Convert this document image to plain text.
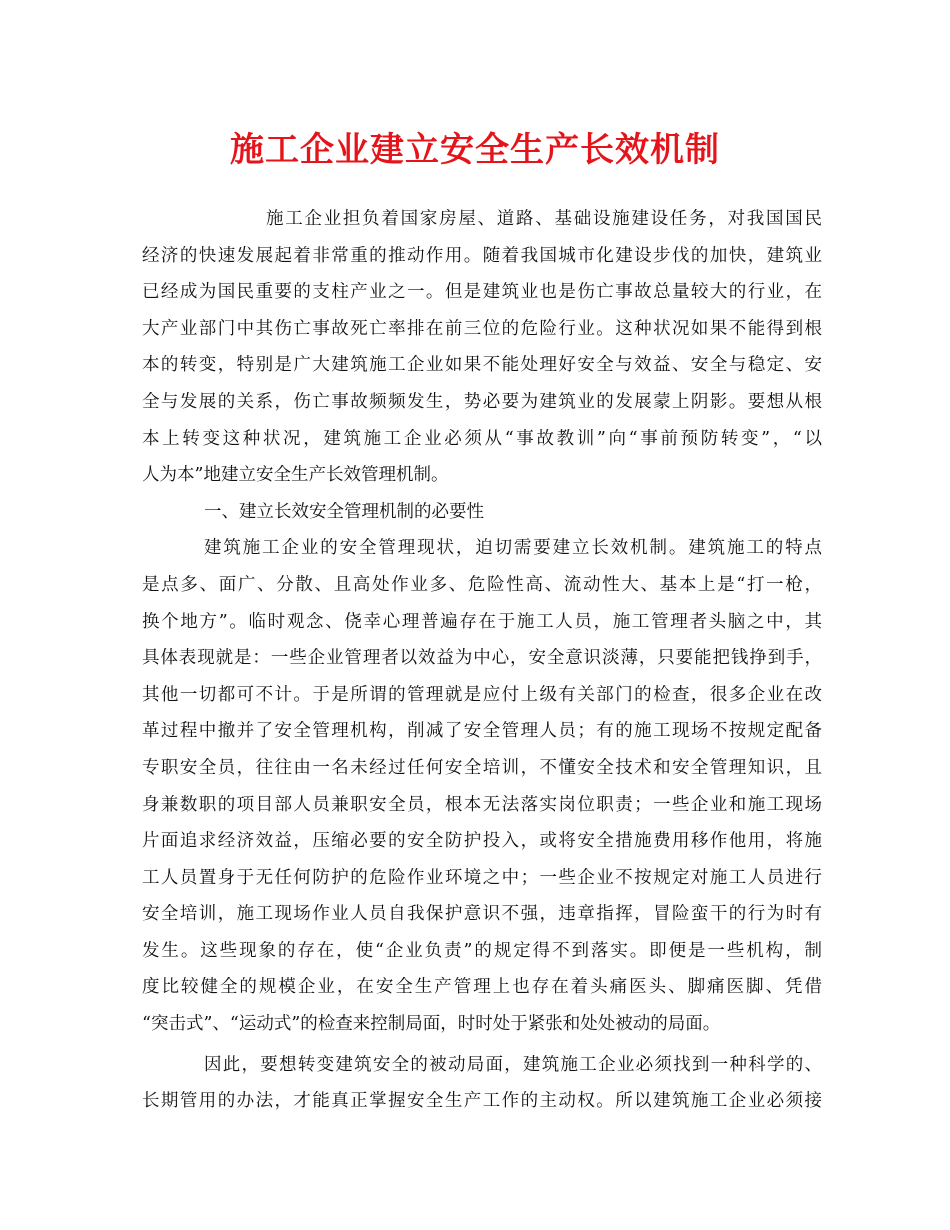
施工企业建立安全生产长效机制
施工企业担负着国家房屋、道路、基础设施建设任务，对我国国民
经济的快速发展起着非常重的推动作用。随着我国城市化建设步伐的加快，建筑业
已经成为国民重要的支柱产业之一。但是建筑业也是伤亡事故总量较大的行业，在
大产业部门中其伤亡事故死亡率排在前三位的危险行业。这种状况如果不能得到根
本的转变，特别是广大建筑施工企业如果不能处理好安全与效益、安全与稳定、安
全与发展的关系，伤亡事故频频发生，势必要为建筑业的发展蒙上阴影。要想从根
本上转变这种状况，建筑施工企业必须从“事故教训”向“事前预防转变”，“以
人为本”地建立安全生产长效管理机制。
一、建立长效安全管理机制的必要性
建筑施工企业的安全管理现状，迫切需要建立长效机制。建筑施工的特点
是点多、面广、分散、且高处作业多、危险性高、流动性大、基本上是“打一枪，
换个地方”。临时观念、侥幸心理普遍存在于施工人员，施工管理者头脑之中，其
具体表现就是：一些企业管理者以效益为中心，安全意识淡薄，只要能把钱挣到手，
其他一切都可不计。于是所谓的管理就是应付上级有关部门的检查，很多企业在改
革过程中撤并了安全管理机构，削减了安全管理人员；有的施工现场不按规定配备
专职安全员，往往由一名未经过任何安全培训，不懂安全技术和安全管理知识，且
身兼数职的项目部人员兼职安全员，根本无法落实岗位职责；一些企业和施工现场
片面追求经济效益，压缩必要的安全防护投入，或将安全措施费用移作他用，将施
工人员置身于无任何防护的危险作业环境之中；一些企业不按规定对施工人员进行
安全培训，施工现场作业人员自我保护意识不强，违章指挥，冒险蛮干的行为时有
发生。这些现象的存在，使“企业负责”的规定得不到落实。即便是一些机构，制
度比较健全的规模企业，在安全生产管理上也存在着头痛医头、脚痛医脚、凭借
“突击式”、“运动式”的检查来控制局面，时时处于紧张和处处被动的局面。
因此，要想转变建筑安全的被动局面，建筑施工企业必须找到一种科学的、
长期管用的办法，才能真正掌握安全生产工作的主动权。所以建筑施工企业必须接
